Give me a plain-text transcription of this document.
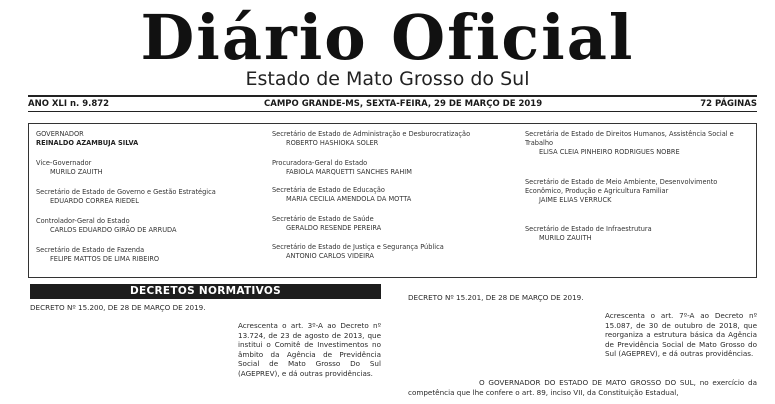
Diário Oficial
Estado de Mato Grosso do Sul
ANO XLI n. 9.872	CAMPO GRANDE-MS, SEXTA-FEIRA, 29 DE MARÇO DE 2019	72 PÁGINAS
GOVERNADOR
REINALDO AZAMBUJA SILVA
Vice-Governador
MURILO ZAUITH
Secretário de Estado de Governo e Gestão Estratégica
EDUARDO CORREA RIEDEL
Controlador-Geral do Estado
CARLOS EDUARDO GIRÃO DE ARRUDA
Secretário de Estado de Fazenda
FELIPE MATTOS DE LIMA RIBEIRO
Secretário de Estado de Administração e Desburocratização
ROBERTO HASHIOKA SOLER
Procuradora-Geral do Estado
FABIOLA MARQUETTI SANCHES RAHIM
Secretária de Estado de Educação
MARIA CECILIA AMENDOLA DA MOTTA
Secretário de Estado de Saúde
GERALDO RESENDE PEREIRA
Secretário de Estado de Justiça e Segurança Pública
ANTONIO CARLOS VIDEIRA
Secretária de Estado de Direitos Humanos, Assistência Social e Trabalho
ELISA CLEIA PINHEIRO RODRIGUES NOBRE
Secretário de Estado de Meio Ambiente, Desenvolvimento Econômico, Produção e Agricultura Familiar
JAIME ELIAS VERRUCK
Secretário de Estado de Infraestrutura
MURILO ZAUITH
DECRETOS NORMATIVOS
DECRETO Nº 15.200, DE 28 DE MARÇO DE 2019.
Acrescenta o art. 3º-A ao Decreto nº 13.724, de 23 de agosto de 2013, que institui o Comitê de Investimentos no âmbito da Agência de Previdência Social de Mato Grosso Do Sul (AGEPREV), e dá outras providências.
DECRETO Nº 15.201, DE 28 DE MARÇO DE 2019.
Acrescenta o art. 7º-A ao Decreto nº 15.087, de 30 de outubro de 2018, que reorganiza a estrutura básica da Agência de Previdência Social de Mato Grosso do Sul (AGEPREV), e dá outras providências.
O GOVERNADOR DO ESTADO DE MATO GROSSO DO SUL, no exercício da competência que lhe confere o art. 89, inciso VII, da Constituição Estadual,
